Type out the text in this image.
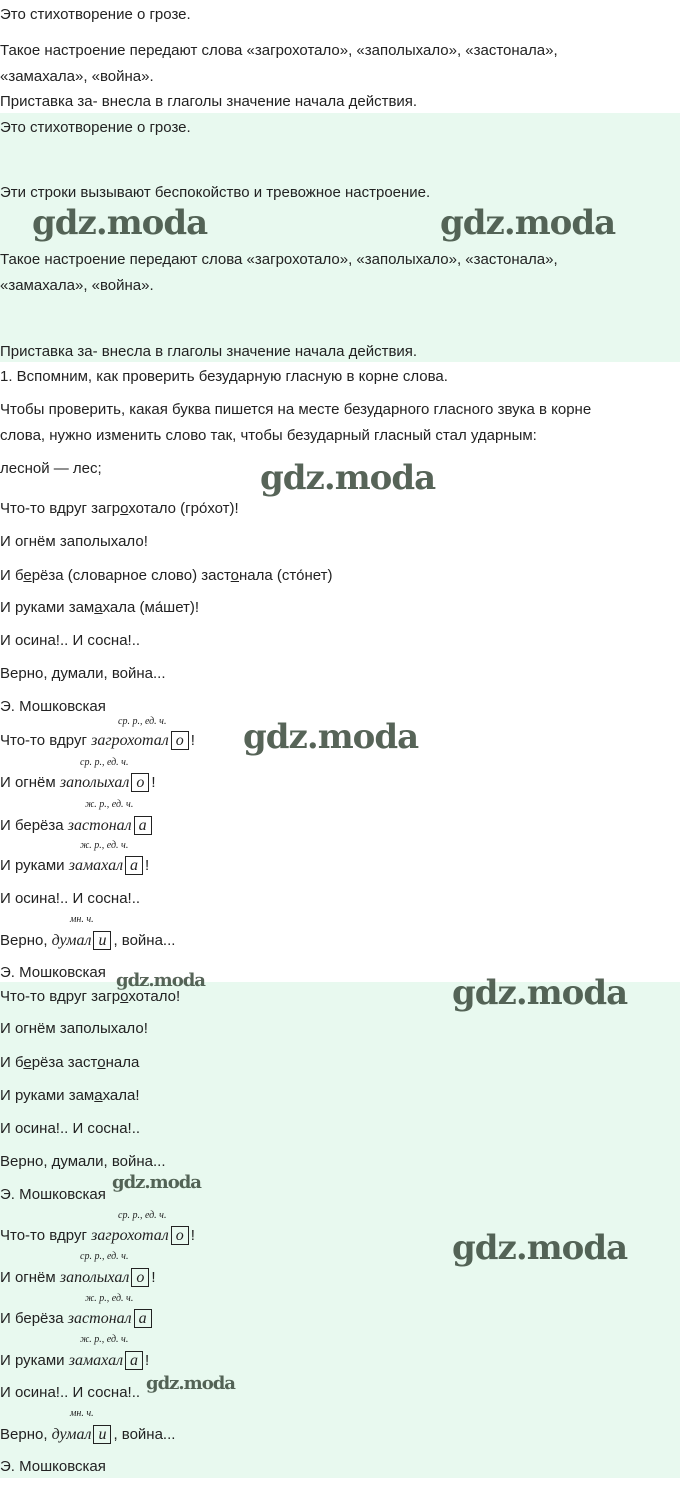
Это стихотворение о грозе.
Такое настроение передают слова «загрохотало», «заполыхало», «застонала»,
«замахала», «война».
Приставка за- внесла в глаголы значение начала действия.
Это стихотворение о грозе.
Эти строки вызывают беспокойство и тревожное настроение.
Такое настроение передают слова «загрохотало», «заполыхало», «застонала»,
«замахала», «война».
Приставка за- внесла в глаголы значение начала действия.
1. Вспомним, как проверить безударную гласную в корне слова.
Чтобы проверить, какая буква пишется на месте безударного гласного звука в корне
слова, нужно изменить слово так, чтобы безударный гласный стал ударным:
лесной — лес;
Что-то вдруг загрохотало (гро́хот)!
И огнём заполыхало!
И берёза (словарное слово) застонала (сто́нет)
И руками замахала (ма́шет)!
И осина!.. И сосна!..
Верно, думали, война...
Э. Мошковская
ср. р., ед. ч.
Что-то вдруг загрохотал о !
ср. р., ед. ч.
И огнём заполыхал о !
ж. р., ед. ч.
И берёза застонал а
ж. р., ед. ч.
И руками замахал а !
И осина!.. И сосна!..
мн. ч.
Верно, думал и , война...
Э. Мошковская
Что-то вдруг загрохотало!
И огнём заполыхало!
И берёза застонала
И руками замахала!
И осина!.. И сосна!..
Верно, думали, война...
Э. Мошковская
ср. р., ед. ч.
Что-то вдруг загрохотал о !
ср. р., ед. ч.
И огнём заполыхал о !
ж. р., ед. ч.
И берёза застонал а
ж. р., ед. ч.
И руками замахал а !
И осина!.. И сосна!..
мн. ч.
Верно, думал и , война...
Э. Мошковская
gdz.moda	gdz.moda
gdz.moda
gdz.moda
gdz.moda	gdz.moda
gdz.moda
gdz.moda
gdz.moda
